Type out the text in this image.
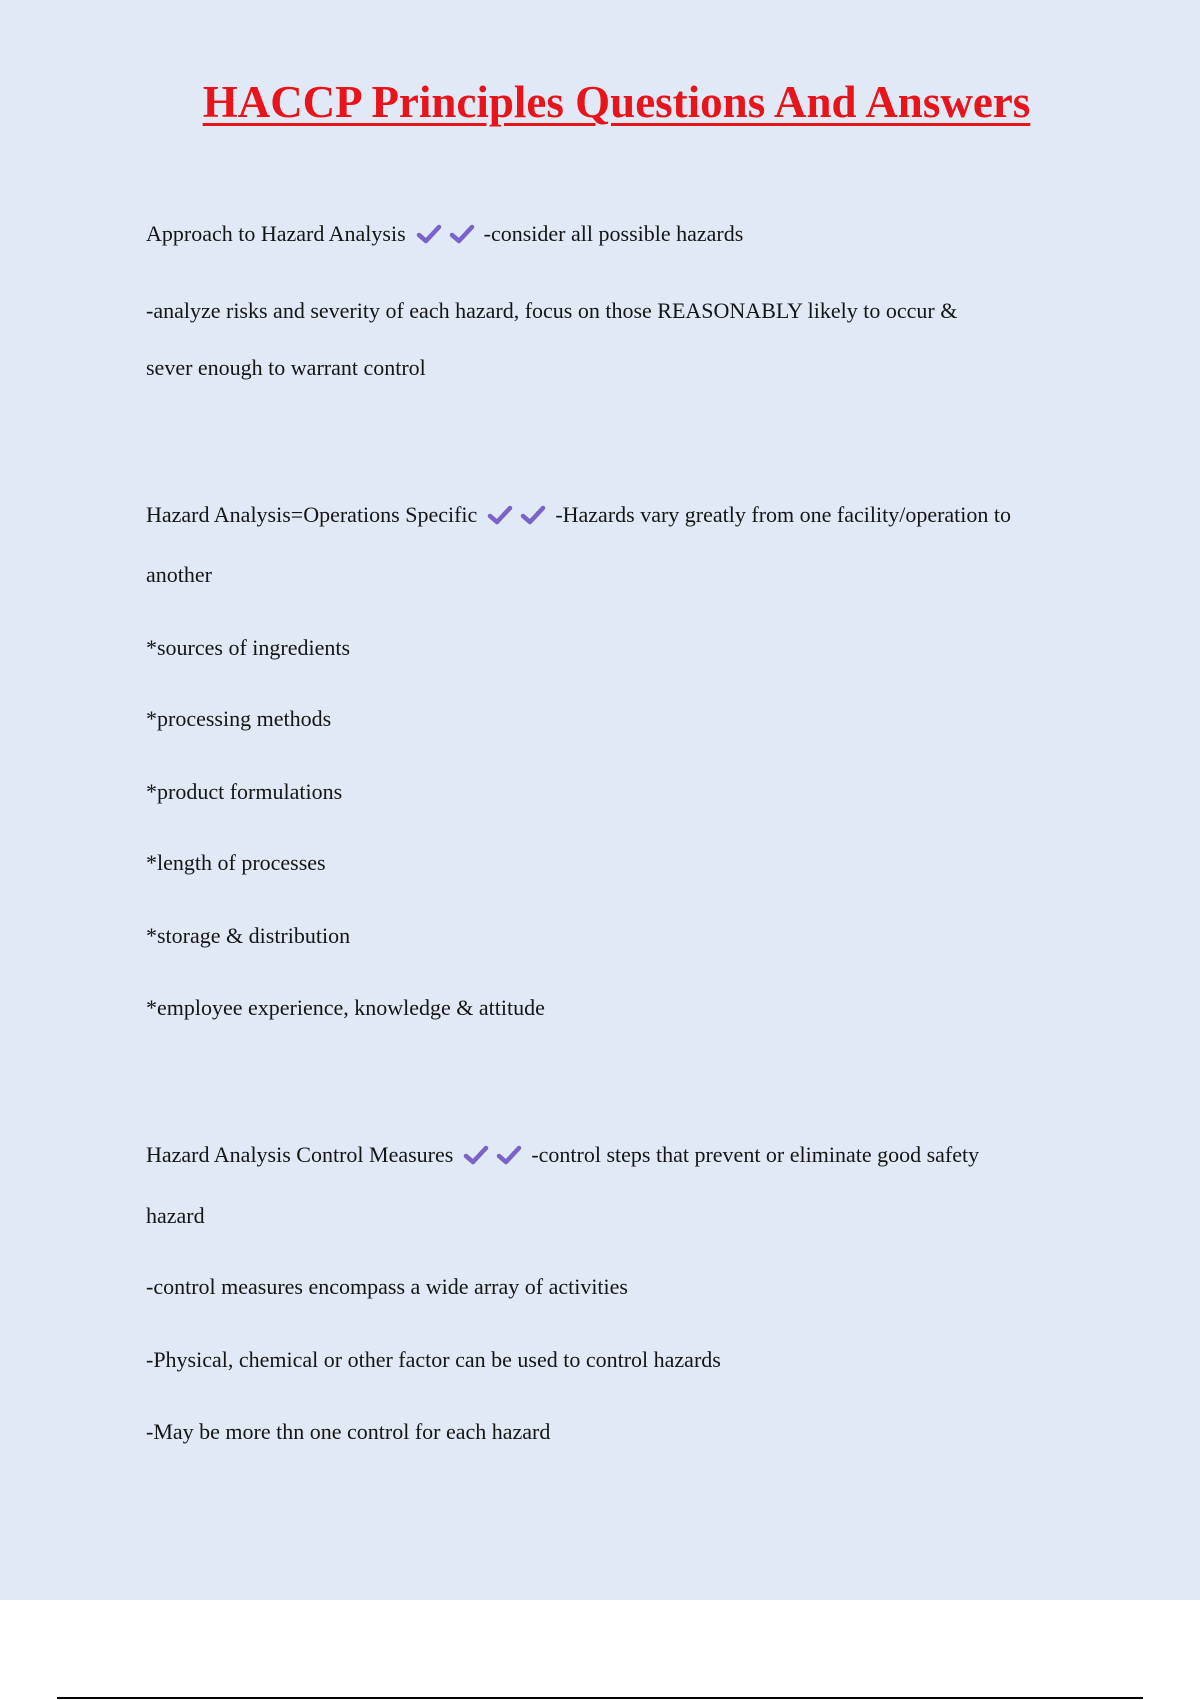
HACCP Principles Questions And Answers
Approach to Hazard Analysis	-consider all possible hazards
-analyze risks and severity of each hazard, focus on those REASONABLY likely to occur &
sever enough to warrant control
Hazard Analysis=Operations Specific	-Hazards vary greatly from one facility/operation to
another
*sources of ingredients
*processing methods
*product formulations
*length of processes
*storage & distribution
*employee experience, knowledge & attitude
Hazard Analysis Control Measures	-control steps that prevent or eliminate good safety
hazard
-control measures encompass a wide array of activities
-Physical, chemical or other factor can be used to control hazards
-May be more thn one control for each hazard
